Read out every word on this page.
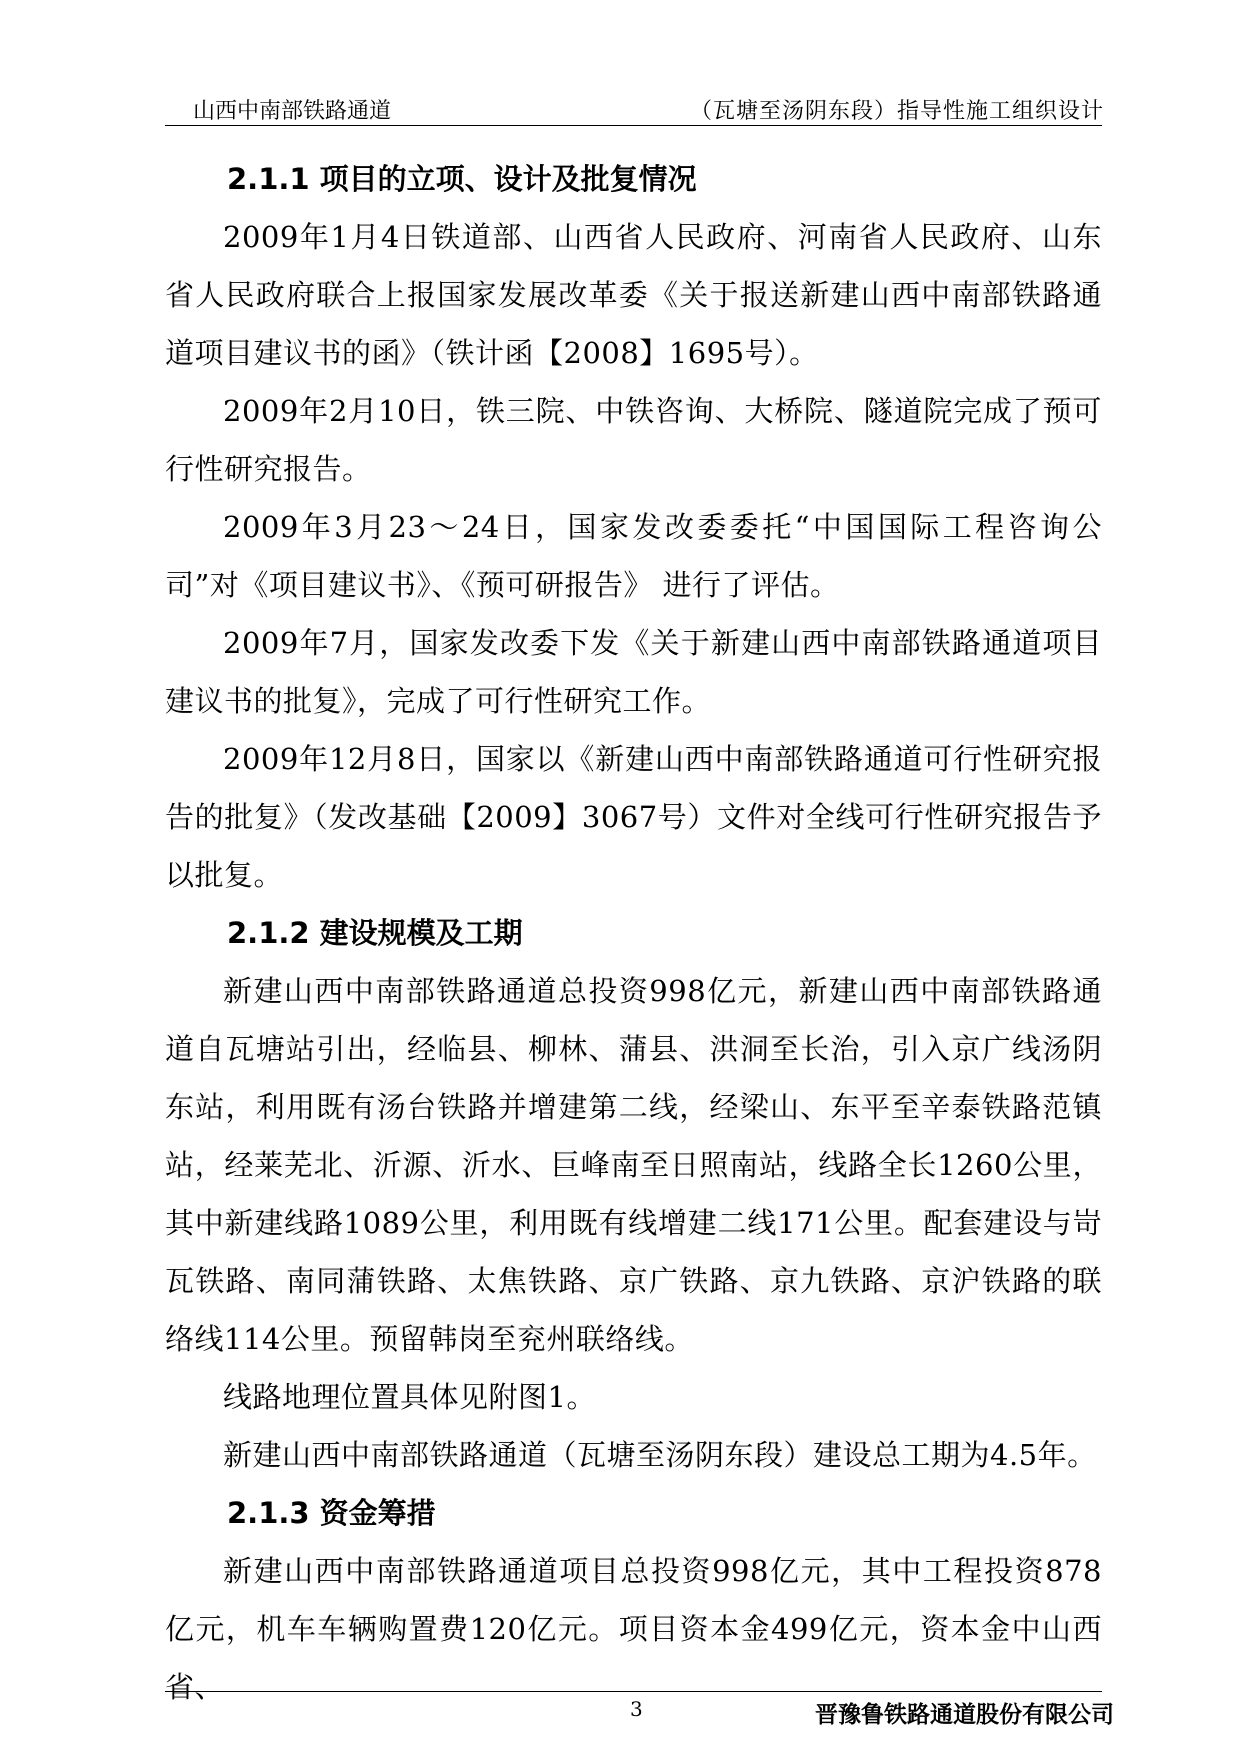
山西中南部铁路通道	（瓦塘至汤阴东段）指导性施工组织设计
2.1.1 项目的立项、设计及批复情况

2009年1月4日铁道部、山西省人民政府、河南省人民政府、山东省人民政府联合上报国家发展改革委《关于报送新建山西中南部铁路通道项目建议书的函》（铁计函【2008】1695号）。

2009年2月10日，铁三院、中铁咨询、大桥院、隧道院完成了预可行性研究报告。

2009年3月23～24日，国家发改委委托“中国国际工程咨询公司”对《项目建议书》、《预可研报告》 进行了评估。

2009年7月，国家发改委下发《关于新建山西中南部铁路通道项目建议书的批复》，完成了可行性研究工作。

2009年12月8日，国家以《新建山西中南部铁路通道可行性研究报告的批复》（发改基础【2009】3067号）文件对全线可行性研究报告予以批复。

2.1.2 建设规模及工期

新建山西中南部铁路通道总投资998亿元，新建山西中南部铁路通道自瓦塘站引出，经临县、柳林、蒲县、洪洞至长治，引入京广线汤阴东站，利用既有汤台铁路并增建第二线，经梁山、东平至辛泰铁路范镇站，经莱芜北、沂源、沂水、巨峰南至日照南站，线路全长1260公里，其中新建线路1089公里，利用既有线增建二线171公里。配套建设与岢瓦铁路、南同蒲铁路、太焦铁路、京广铁路、京九铁路、京沪铁路的联络线114公里。预留韩岗至兖州联络线。

线路地理位置具体见附图1。

新建山西中南部铁路通道（瓦塘至汤阴东段）建设总工期为4.5年。

2.1.3 资金筹措

新建山西中南部铁路通道项目总投资998亿元，其中工程投资878亿元，机车车辆购置费120亿元。项目资本金499亿元，资本金中山西省、

3	晋豫鲁铁路通道股份有限公司
